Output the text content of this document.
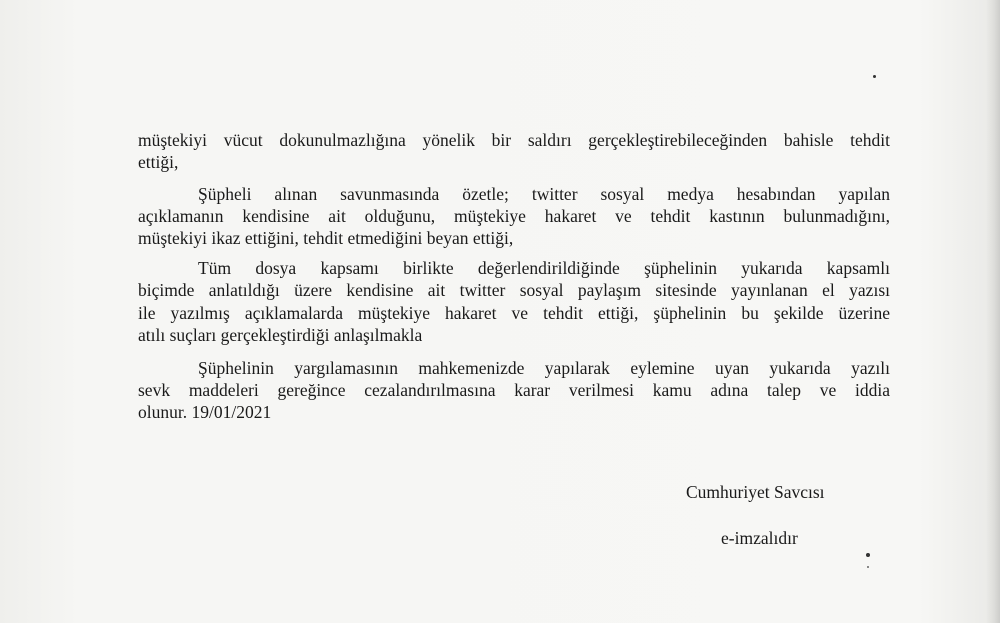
müştekiyi vücut dokunulmazlığına yönelik bir saldırı gerçekleştirebileceğinden bahisle tehdit
ettiği,
Şüpheli alınan savunmasında özetle; twitter sosyal medya hesabından yapılan
açıklamanın kendisine ait olduğunu, müştekiye hakaret ve tehdit kastının bulunmadığını,
müştekiyi ikaz ettiğini, tehdit etmediğini beyan ettiği,
Tüm dosya kapsamı birlikte değerlendirildiğinde şüphelinin yukarıda kapsamlı
biçimde anlatıldığı üzere kendisine ait twitter sosyal paylaşım sitesinde yayınlanan el yazısı
ile yazılmış açıklamalarda müştekiye hakaret ve tehdit ettiği, şüphelinin bu şekilde üzerine
atılı suçları gerçekleştirdiği anlaşılmakla
Şüphelinin yargılamasının mahkemenizde yapılarak eylemine uyan yukarıda yazılı
sevk maddeleri gereğince cezalandırılmasına karar verilmesi kamu adına talep ve iddia
olunur. 19/01/2021
Cumhuriyet Savcısı
e-imzalıdır
